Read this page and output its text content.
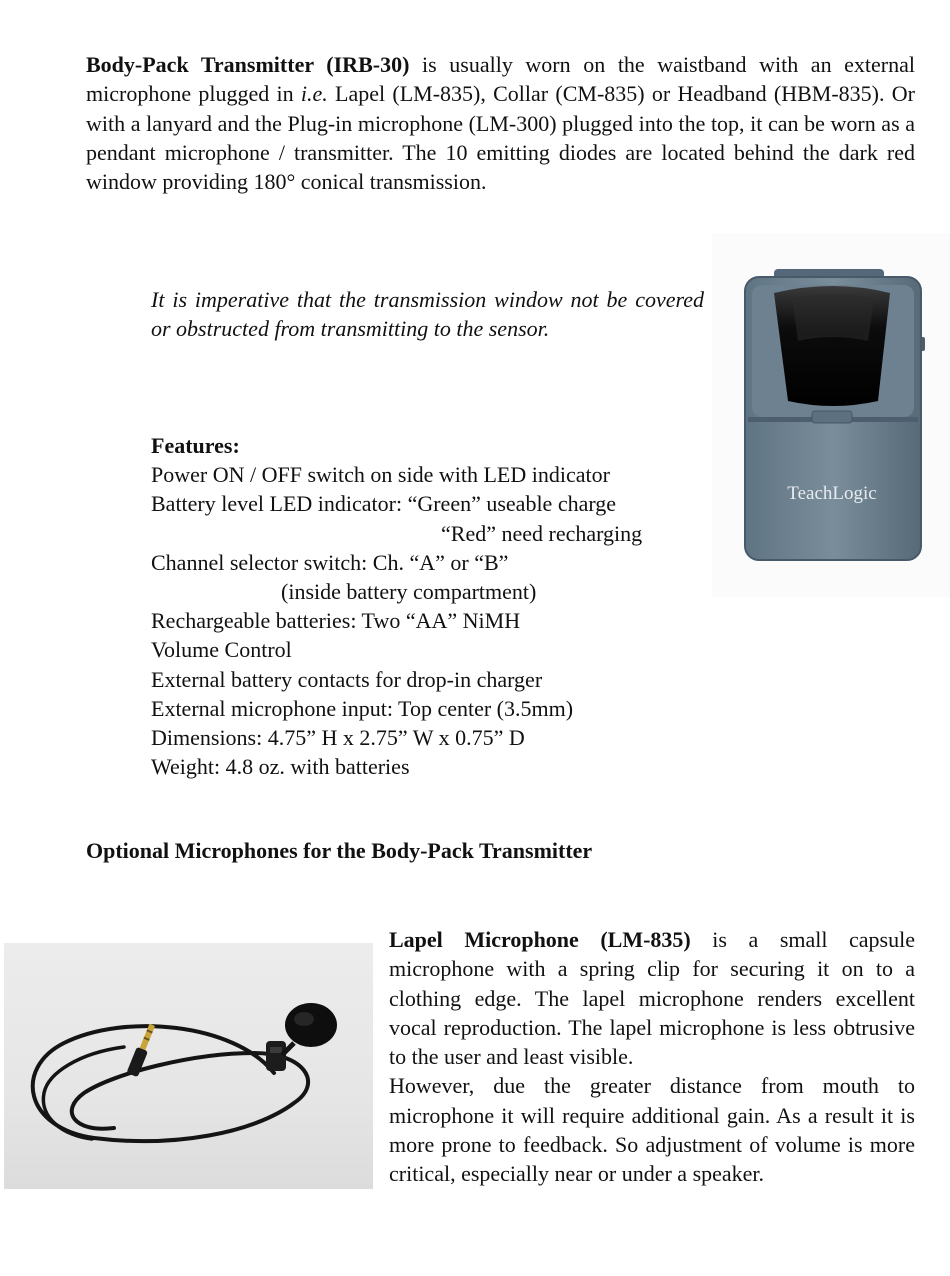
Body-Pack Transmitter (IRB-30) is usually worn on the waistband with an external microphone plugged in i.e. Lapel (LM-835), Collar (CM-835) or Headband (HBM-835). Or with a lanyard and the Plug-in microphone (LM-300) plugged into the top, it can be worn as a pendant microphone / transmitter. The 10 emitting diodes are located behind the dark red window providing 180° conical transmission.
It is imperative that the transmission window not be covered or obstructed from transmitting to the sensor.
Features:
Power ON / OFF switch on side with LED indicator
Battery level LED indicator: “Green” useable charge
“Red” need recharging
Channel selector switch: Ch. “A” or “B”
(inside battery compartment)
Rechargeable batteries: Two “AA” NiMH
Volume Control
External battery contacts for drop-in charger
External microphone input: Top center (3.5mm)
Dimensions: 4.75” H x 2.75” W x 0.75” D
Weight: 4.8 oz. with batteries
TeachLogic
Optional Microphones for the Body-Pack Transmitter
Lapel Microphone (LM-835) is a small capsule microphone with a spring clip for securing it on to a clothing edge. The lapel microphone renders excellent vocal reproduction. The lapel microphone is less obtrusive to the user and least visible.
However, due the greater distance from mouth to microphone it will require additional gain. As a result it is more prone to feedback. So adjustment of volume is more critical, especially near or under a speaker.
